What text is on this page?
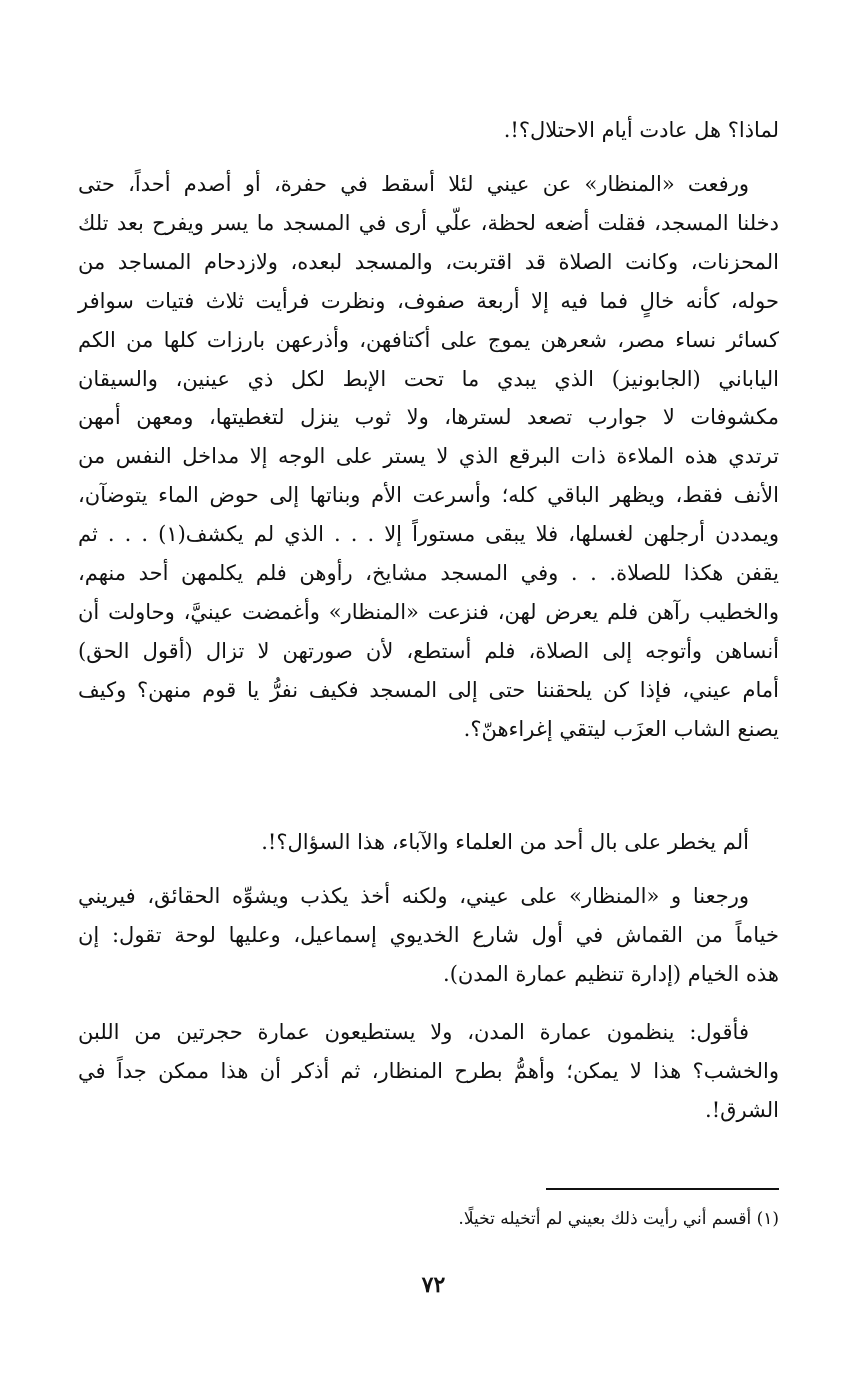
لماذا؟ هل عادت أيام الاحتلال؟!.
ورفعت «المنظار» عن عيني لئلا أسقط في حفرة، أو أصدم أحداً، حتى
دخلنا المسجد، فقلت أضعه لحظة، علّي أرى في المسجد ما يسر ويفرح بعد تلك
المحزنات، وكانت الصلاة قد اقتربت، والمسجد لبعده، ولازدحام المساجد من
حوله، كأنه خالٍ فما فيه إلا أربعة صفوف، ونظرت فرأيت ثلاث فتيات سوافر
كسائر نساء مصر، شعرهن يموج على أكتافهن، وأذرعهن بارزات كلها من الكم
الياباني (الجابونيز) الذي يبدي ما تحت الإبط لكل ذي عينين، والسيقان
مكشوفات لا جوارب تصعد لسترها، ولا ثوب ينزل لتغطيتها، ومعهن أمهن
ترتدي هذه الملاءة ذات البرقع الذي لا يستر على الوجه إلا مداخل النفس من
الأنف فقط، ويظهر الباقي كله؛ وأسرعت الأم وبناتها إلى حوض الماء يتوضآن،
ويمددن أرجلهن لغسلها، فلا يبقى مستوراً إلا . . . الذي لم يكشف(١) . . . ثم
يقفن هكذا للصلاة. . . وفي المسجد مشايخ، رأوهن فلم يكلمهن أحد منهم،
والخطيب رآهن فلم يعرض لهن، فنزعت «المنظار» وأغمضت عينيَّ، وحاولت أن
أنساهن وأتوجه إلى الصلاة، فلم أستطع، لأن صورتهن لا تزال (أقول الحق)
أمام عيني، فإذا كن يلحقننا حتى إلى المسجد فكيف نفرُّ يا قوم منهن؟ وكيف
يصنع الشاب العزَب ليتقي إغراءهنّ؟.
ألم يخطر على بال أحد من العلماء والآباء، هذا السؤال؟!.
ورجعنا و «المنظار» على عيني، ولكنه أخذ يكذب ويشوِّه الحقائق، فيريني
خياماً من القماش في أول شارع الخديوي إسماعيل، وعليها لوحة تقول: إن
هذه الخيام (إدارة تنظيم عمارة المدن).
فأقول: ينظمون عمارة المدن، ولا يستطيعون عمارة حجرتين من اللبن
والخشب؟ هذا لا يمكن؛ وأهمُّ بطرح المنظار، ثم أذكر أن هذا ممكن جداً في
الشرق!.
(١) أقسم أني رأيت ذلك بعيني لم أتخيله تخيلًا.
٧٢
